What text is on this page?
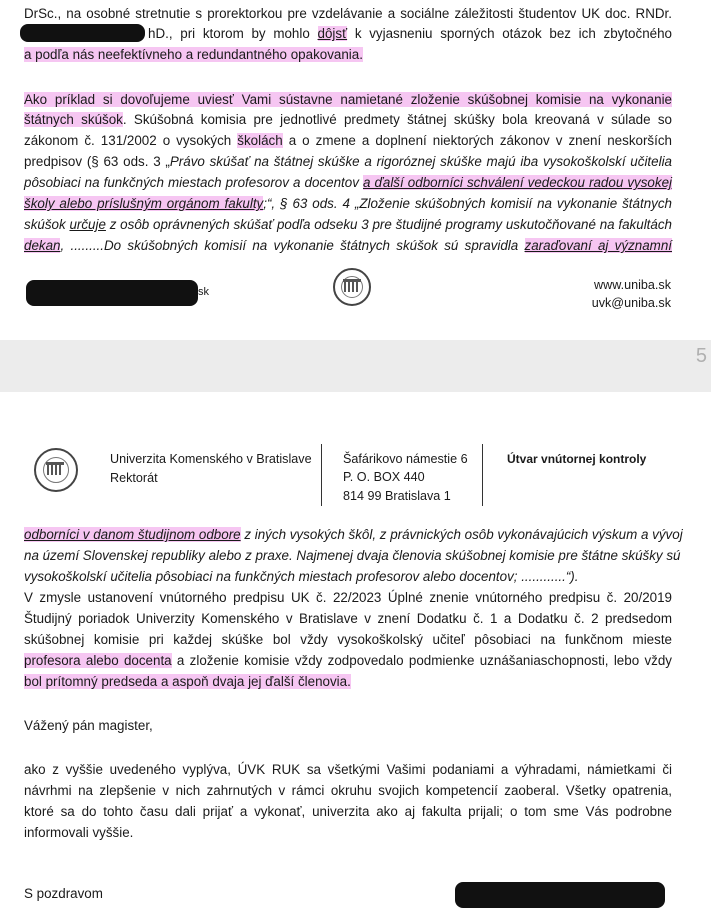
DrSc., na osobné stretnutie s prorektorkou pre vzdelávanie a sociálne záležitosti študentov UK doc. RNDr.
hD., pri ktorom by mohlo dôjsť k vyjasneniu sporných otázok bez ich zbytočného
a podľa nás neefektívneho a redundantného opakovania.
Ako príklad si dovoľujeme uviesť Vami sústavne namietané zloženie skúšobnej komisie na vykonanie
štátnych skúšok. Skúšobná komisia pre jednotlivé predmety štátnej skúšky bola kreovaná v súlade so
zákonom č. 131/2002 o vysokých školách a o zmene a doplnení niektorých zákonov v znení neskorších
predpisov (§ 63 ods. 3 „Právo skúšať na štátnej skúške a rigoróznej skúške majú iba vysokoškolskí učitelia
pôsobiaci na funkčných miestach profesorov a docentov a ďalší odborníci schválení vedeckou radou vysokej
školy alebo príslušným orgánom fakulty;“, § 63 ods. 4 „Zloženie skúšobných komisií na vykonanie štátnych
skúšok určuje z osôb oprávnených skúšať podľa odseku 3 pre študijné programy uskutočňované na fakultách
dekan, .........Do skúšobných komisií na vykonanie štátnych skúšok sú spravidla zaraďovaní aj významní
sk	www.uniba.sk
uvk@uniba.sk
5
Univerzita Komenského v Bratislave
Rektorát
Šafárikovo námestie 6
P. O. BOX 440
814 99 Bratislava 1
Útvar vnútornej kontroly
odborníci v danom študijnom odbore z iných vysokých škôl, z právnických osôb vykonávajúcich výskum a vývoj
na území Slovenskej republiky alebo z praxe. Najmenej dvaja členovia skúšobnej komisie pre štátne skúšky sú
vysokoškolskí učitelia pôsobiaci na funkčných miestach profesorov alebo docentov; ............“).
V zmysle ustanovení vnútorného predpisu UK č. 22/2023 Úplné znenie vnútorného predpisu č. 20/2019
Študijný poriadok Univerzity Komenského v Bratislave v znení Dodatku č. 1 a Dodatku č. 2 predsedom
skúšobnej komisie pri každej skúške bol vždy vysokoškolský učiteľ pôsobiaci na funkčnom mieste
profesora alebo docenta a zloženie komisie vždy zodpovedalo podmienke uznášaniaschopnosti, lebo vždy
bol prítomný predseda a aspoň dvaja jej ďalší členovia.
Vážený pán magister,
ako z vyššie uvedeného vyplýva, ÚVK RUK sa všetkými Vašimi podaniami a výhradami, námietkami či
návrhmi na zlepšenie v nich zahrnutých v rámci okruhu svojich kompetencií zaoberal. Všetky opatrenia,
ktoré sa do tohto času dali prijať a vykonať, univerzita ako aj fakulta prijali; o tom sme Vás podrobne
informovali vyššie.
S pozdravom
